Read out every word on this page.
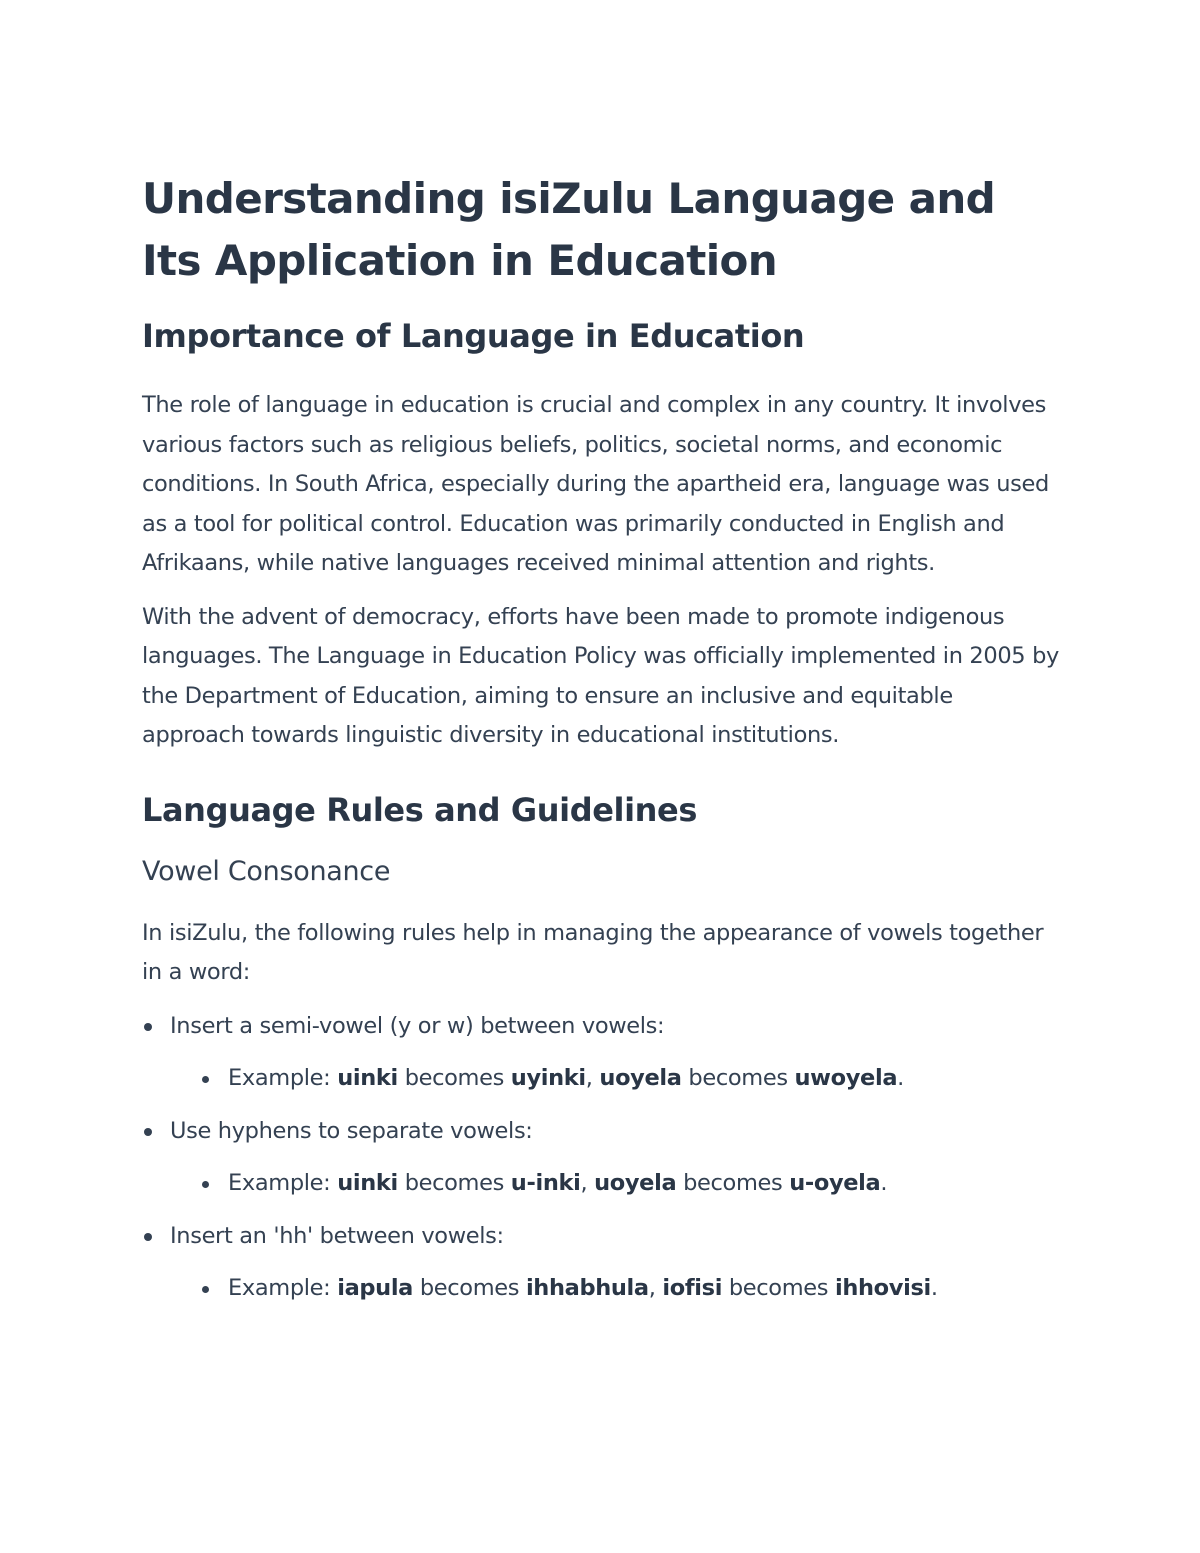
Understanding isiZulu Language and Its Application in Education
Importance of Language in Education

The role of language in education is crucial and complex in any country. It involves various factors such as religious beliefs, politics, societal norms, and economic conditions. In South Africa, especially during the apartheid era, language was used as a tool for political control. Education was primarily conducted in English and Afrikaans, while native languages received minimal attention and rights.

With the advent of democracy, efforts have been made to promote indigenous languages. The Language in Education Policy was officially implemented in 2005 by the Department of Education, aiming to ensure an inclusive and equitable approach towards linguistic diversity in educational institutions.

Language Rules and Guidelines
Vowel Consonance

In isiZulu, the following rules help in managing the appearance of vowels together in a word:

Insert a semi-vowel (y or w) between vowels:
Example: uinki becomes uyinki, uoyela becomes uwoyela.
Use hyphens to separate vowels:
Example: uinki becomes u-inki, uoyela becomes u-oyela.
Insert an 'hh' between vowels:
Example: iapula becomes ihhabhula, iofisi becomes ihhovisi.
